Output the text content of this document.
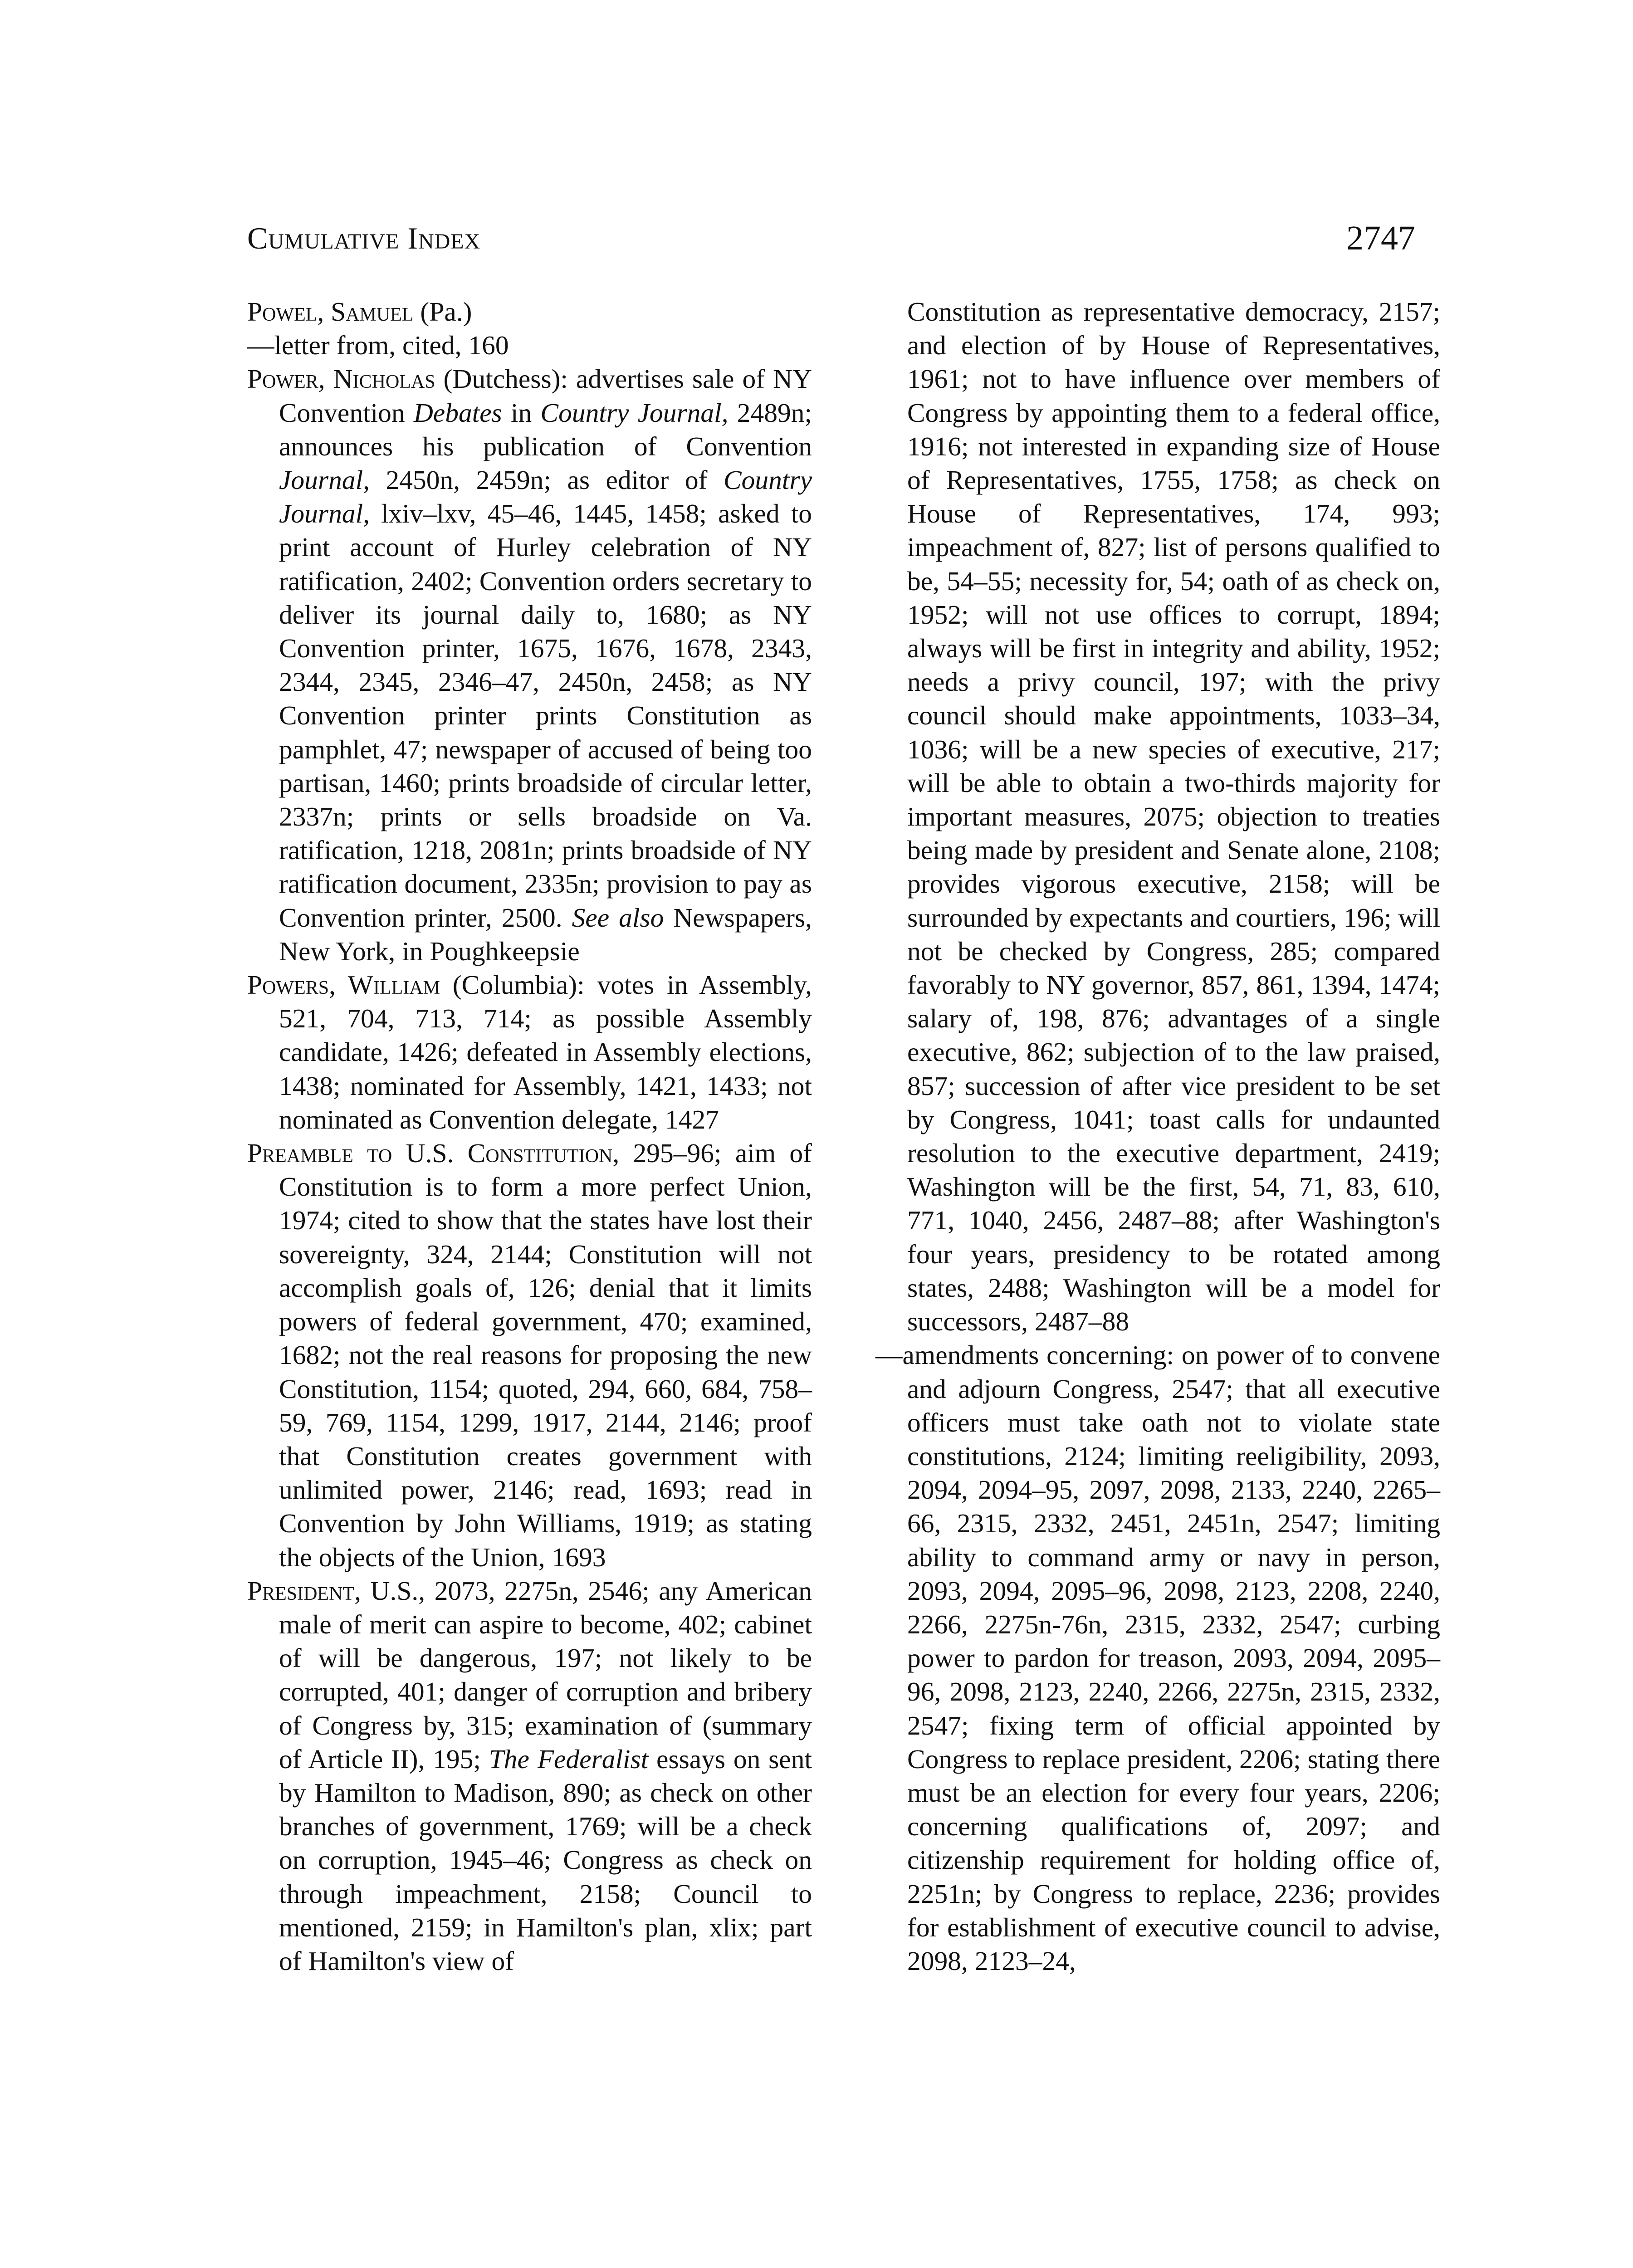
Cumulative Index	2747

Powel, Samuel (Pa.)

—letter from, cited, 160

Power, Nicholas (Dutchess): advertises sale of NY Convention Debates in Country Journal, 2489n; announces his publication of Convention Journal, 2450n, 2459n; as editor of Country Journal, lxiv–lxv, 45–46, 1445, 1458; asked to print account of Hurley celebration of NY ratification, 2402; Convention orders secretary to deliver its journal daily to, 1680; as NY Convention printer, 1675, 1676, 1678, 2343, 2344, 2345, 2346–47, 2450n, 2458; as NY Convention printer prints Constitution as pamphlet, 47; newspaper of accused of being too partisan, 1460; prints broadside of circular letter, 2337n; prints or sells broadside on Va. ratification, 1218, 2081n; prints broadside of NY ratification document, 2335n; provision to pay as Convention printer, 2500. See also Newspapers, New York, in Poughkeepsie

Powers, William (Columbia): votes in Assembly, 521, 704, 713, 714; as possible Assembly candidate, 1426; defeated in Assembly elections, 1438; nominated for Assembly, 1421, 1433; not nominated as Convention delegate, 1427

Preamble to U.S. Constitution, 295–96; aim of Constitution is to form a more perfect Union, 1974; cited to show that the states have lost their sovereignty, 324, 2144; Constitution will not accomplish goals of, 126; denial that it limits powers of federal government, 470; examined, 1682; not the real reasons for proposing the new Constitution, 1154; quoted, 294, 660, 684, 758–59, 769, 1154, 1299, 1917, 2144, 2146; proof that Constitution creates government with unlimited power, 2146; read, 1693; read in Convention by John Williams, 1919; as stating the objects of the Union, 1693

President, U.S., 2073, 2275n, 2546; any American male of merit can aspire to become, 402; cabinet of will be dangerous, 197; not likely to be corrupted, 401; danger of corruption and bribery of Congress by, 315; examination of (summary of Article II), 195; The Federalist essays on sent by Hamilton to Madison, 890; as check on other branches of government, 1769; will be a check on corruption, 1945–46; Congress as check on through impeachment, 2158; Council to mentioned, 2159; in Hamilton's plan, xlix; part of Hamilton's view of

Constitution as representative democracy, 2157; and election of by House of Representatives, 1961; not to have influence over members of Congress by appointing them to a federal office, 1916; not interested in expanding size of House of Representatives, 1755, 1758; as check on House of Representatives, 174, 993; impeachment of, 827; list of persons qualified to be, 54–55; necessity for, 54; oath of as check on, 1952; will not use offices to corrupt, 1894; always will be first in integrity and ability, 1952; needs a privy council, 197; with the privy council should make appointments, 1033–34, 1036; will be a new species of executive, 217; will be able to obtain a two-thirds majority for important measures, 2075; objection to treaties being made by president and Senate alone, 2108; provides vigorous executive, 2158; will be surrounded by expectants and courtiers, 196; will not be checked by Congress, 285; compared favorably to NY governor, 857, 861, 1394, 1474; salary of, 198, 876; advantages of a single executive, 862; subjection of to the law praised, 857; succession of after vice president to be set by Congress, 1041; toast calls for undaunted resolution to the executive department, 2419; Washington will be the first, 54, 71, 83, 610, 771, 1040, 2456, 2487–88; after Washington's four years, presidency to be rotated among states, 2488; Washington will be a model for successors, 2487–88

—amendments concerning: on power of to convene and adjourn Congress, 2547; that all executive officers must take oath not to violate state constitutions, 2124; limiting reeligibility, 2093, 2094, 2094–95, 2097, 2098, 2133, 2240, 2265–66, 2315, 2332, 2451, 2451n, 2547; limiting ability to command army or navy in person, 2093, 2094, 2095–96, 2098, 2123, 2208, 2240, 2266, 2275n-76n, 2315, 2332, 2547; curbing power to pardon for treason, 2093, 2094, 2095–96, 2098, 2123, 2240, 2266, 2275n, 2315, 2332, 2547; fixing term of official appointed by Congress to replace president, 2206; stating there must be an election for every four years, 2206; concerning qualifications of, 2097; and citizenship requirement for holding office of, 2251n; by Congress to replace, 2236; provides for establishment of executive council to advise, 2098, 2123–24,
